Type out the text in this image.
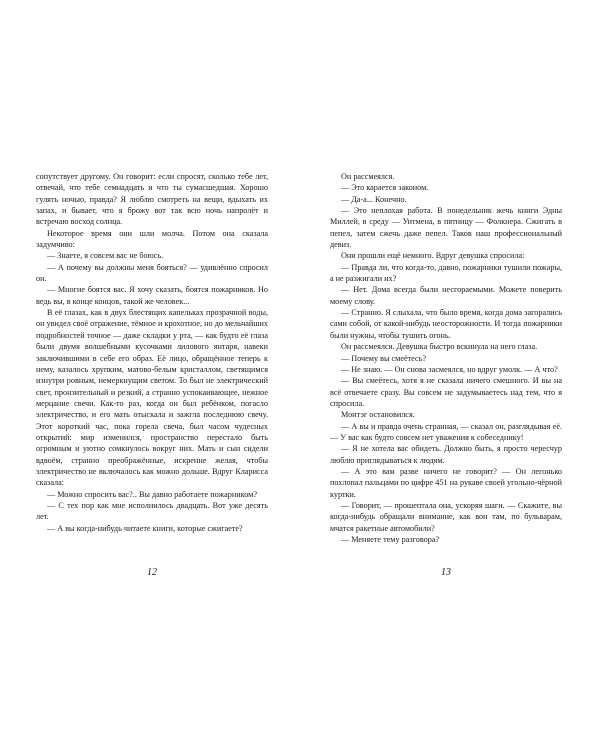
сопутствует другому. Он говорит: если спросят, сколько тебе лет, отвечай, что тебе семнадцать и что ты сумасшедшая. Хорошо гулять ночью, правда? Я люблю смотреть на вещи, вдыхать их запах, и бывает, что я брожу вот так всю ночь напролёт и встречаю восход солнца.

Некоторое время они шли молча. Потом она сказала задумчиво:

— Знаете, я совсем вас не боюсь.

— А почему вы должны меня бояться? — удивлённо спросил он.

— Многие боятся вас. Я хочу сказать, боятся пожарников. Но ведь вы, в конце концов, такой же человек...

В её глазах, как в двух блестящих капельках прозрачной воды, он увидел своё отражение, тёмное и крохотное, но до мельчайших подробностей точное — даже складки у рта, — как будто её глаза были двумя волшебными кусочками лилового янтаря, навеки заключившими в себе его образ. Её лицо, обращённое теперь к нему, казалось хрупким, матово-белым кристаллом, светящимся изнутри ровным, немеркнущим светом. То был не электрический свет, пронзительный и резкий, а странно успокаивающее, нежное мерцание свечи. Как-то раз, когда он был ребёнком, погасло электричество, и его мать отыскала и зажгла последнюю свечу. Этот короткий час, пока горела свеча, был часом чудесных открытий: мир изменился, пространство перестало быть огромным и уютно сомкнулось вокруг них. Мать и сын сидели вдвоём, странно преображённые, искренне желая, чтобы электричество не включалось как можно дольше. Вдруг Кларисса сказала:

— Можно спросить вас?.. Вы давно работаете пожарником?

— С тех пор как мне исполнилось двадцать. Вот уже десять лет.

— А вы когда-нибудь читаете книги, которые сжигаете?

12

Он рассмеялся.

— Это карается законом.

— Да-а... Конечно.

— Это неплохая работа. В понедельник жечь книги Эдны Миллей, в среду — Уитмена, в пятницу — Фолкнера. Сжигать в пепел, затем сжечь даже пепел. Таков наш профессиональный девиз.

Они прошли ещё немного. Вдруг девушка спросила:

— Правда ли, что когда-то, давно, пожарники тушили пожары, а не разжигали их?

— Нет. Дома всегда были несгораемыми. Можете поверить моему слову.

— Странно. Я слыхала, что было время, когда дома загорались сами собой, от какой-нибудь неосторожности. И тогда пожарники были нужны, чтобы тушить огонь.

Он рассмеялся. Девушка быстро вскинула на него глаза.

— Почему вы смеётесь?

— Не знаю. — Он снова засмеялся, но вдруг умолк. — А что?

— Вы смеётесь, хотя я не сказала ничего смешного. И вы на всё отвечаете сразу. Вы совсем не задумываетесь над тем, что я спросила.

Монтэг остановился.

— А вы и правда очень странная, — сказал он, разглядывая её. — У вас как будто совсем нет уважения к собеседнику!

— Я не хотела вас обидеть. Должно быть, я просто чересчур люблю приглядываться к людям.

— А это вам разве ничего не говорит? — Он легонько похлопал пальцами по цифре 451 на рукаве своей угольно-чёрной куртки.

— Говорит, — прошептала она, ускоряя шаги. — Скажите, вы когда-нибудь обращали внимание, как вон там, по бульварам, мчатся ракетные автомобили?

— Меняете тему разговора?

13
